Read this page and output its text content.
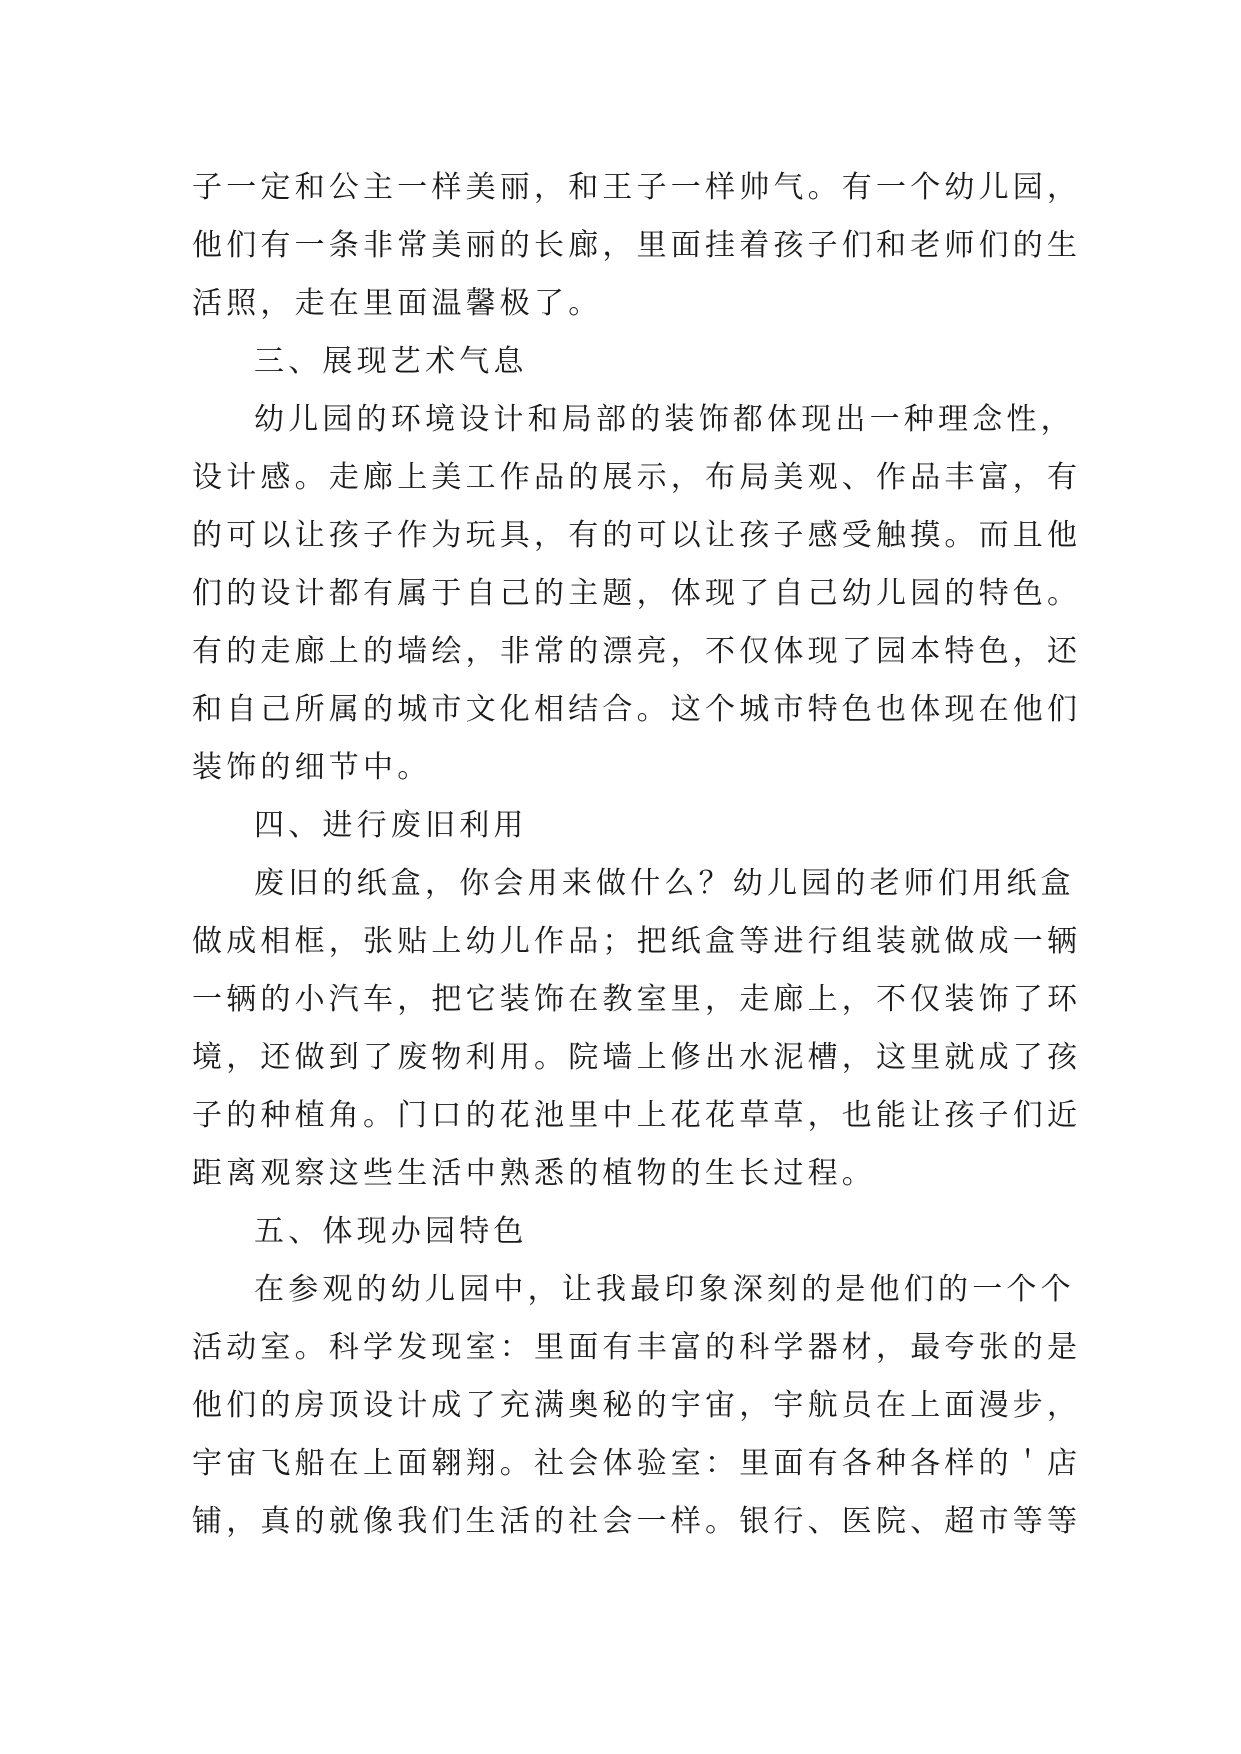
子一定和公主一样美丽，和王子一样帅气。有一个幼儿园，
他们有一条非常美丽的长廊，里面挂着孩子们和老师们的生
活照，走在里面温馨极了。
三、展现艺术气息
幼儿园的环境设计和局部的装饰都体现出一种理念性，
设计感。走廊上美工作品的展示，布局美观、作品丰富，有
的可以让孩子作为玩具，有的可以让孩子感受触摸。而且他
们的设计都有属于自己的主题，体现了自己幼儿园的特色。
有的走廊上的墙绘，非常的漂亮，不仅体现了园本特色，还
和自己所属的城市文化相结合。这个城市特色也体现在他们
装饰的细节中。
四、进行废旧利用
废旧的纸盒，你会用来做什么？幼儿园的老师们用纸盒
做成相框，张贴上幼儿作品；把纸盒等进行组装就做成一辆
一辆的小汽车，把它装饰在教室里，走廊上，不仅装饰了环
境，还做到了废物利用。院墙上修出水泥槽，这里就成了孩
子的种植角。门口的花池里中上花花草草，也能让孩子们近
距离观察这些生活中熟悉的植物的生长过程。
五、体现办园特色
在参观的幼儿园中，让我最印象深刻的是他们的一个个
活动室。科学发现室：里面有丰富的科学器材，最夸张的是
他们的房顶设计成了充满奥秘的宇宙，宇航员在上面漫步，
宇宙飞船在上面翱翔。社会体验室：里面有各种各样的＇店
铺，真的就像我们生活的社会一样。银行、医院、超市等等
